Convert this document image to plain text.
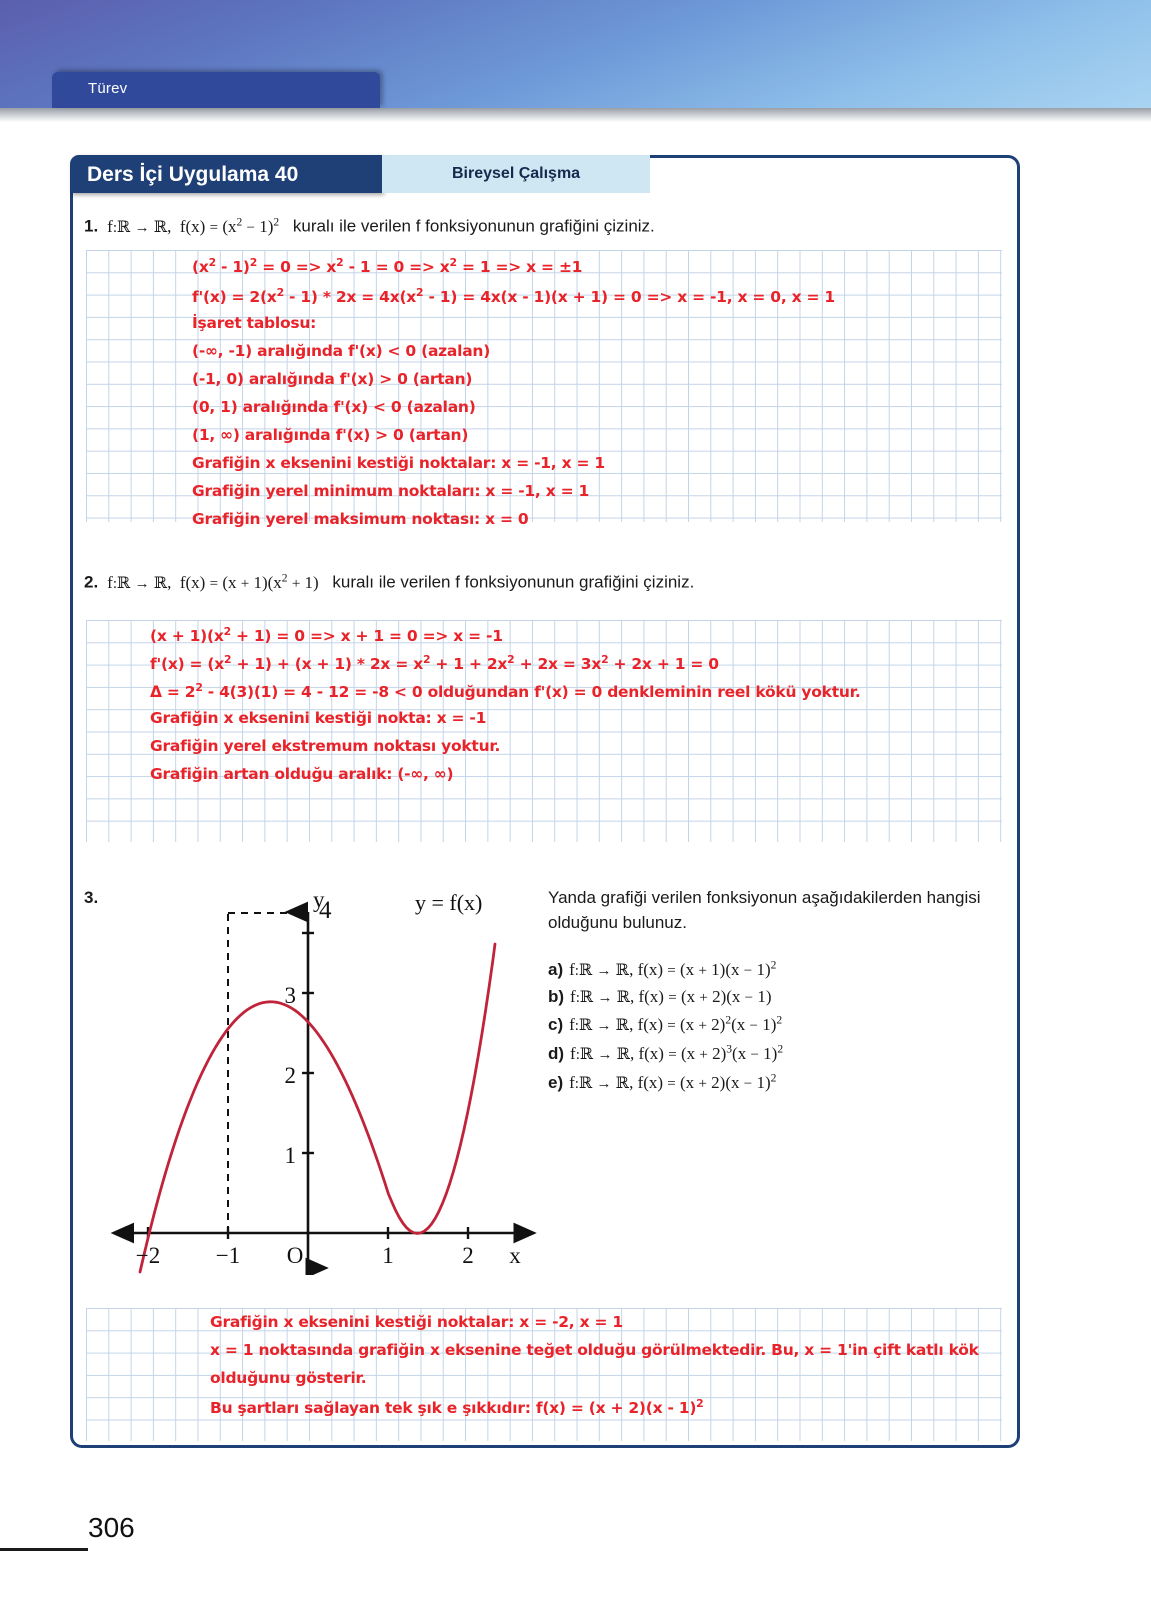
Türev
Ders İçi Uygulama 40	Bireysel Çalışma
1.  f:ℝ → ℝ,  $f(x) = (x^2 - 1)^2$   kuralı ile verilen f fonksiyonunun grafiğini çiziniz.
$(x^2 - 1)^2 = 0 => x^2 - 1 = 0 => x^2 = 1 => x = \pm 1$
$f'(x) = 2(x^2 - 1) * 2x = 4x(x^2 - 1) = 4x(x - 1)(x + 1) = 0 => x = -1$, x = 0, x = 1
İşaret tablosu:
(-∞, -1) aralığında f'(x) < 0 (azalan)
(-1, 0) aralığında f'(x) > 0 (artan)
(0, 1) aralığında f'(x) < 0 (azalan)
(1, ∞) aralığında f'(x) > 0 (artan)
Grafiğin x eksenini kestiği noktalar: x = -1, x = 1
Grafiğin yerel minimum noktaları: x = -1, x = 1
Grafiğin yerel maksimum noktası: x = 0
2.  f:ℝ → ℝ,  $f(x) = (x + 1)(x^2 + 1)$   kuralı ile verilen f fonksiyonunun grafiğini çiziniz.
$(x + 1)(x^2 + 1) = 0 => x + 1 = 0 => x = -1$
$f'(x) = (x^2 + 1) + (x + 1) * 2x = x^2 + 1 + 2x^2 + 2x = 3x^2 + 2x + 1 = 0$
$\Delta = 2^2 - 4(3)(1) = 4 - 12 = -8 < 0$ olduğundan f'(x) = 0 denkleminin reel kökü yoktur.
Grafiğin x eksenini kestiği nokta: x = -1
Grafiğin yerel ekstremum noktası yoktur.
Grafiğin artan olduğu aralık: (-∞, ∞)
3.	4
3
2
1
y
−2 −1 O	1	2 x
y = f(x)	Yanda grafiği verilen fonksiyonun aşağıdakilerden hangisi olduğunu bulunuz.
a) f:ℝ → ℝ, $f(x) = (x + 1)(x - 1)^2$
b) f:ℝ → ℝ, f(x) = (x + 2)(x − 1)
c) f:ℝ → ℝ, $f(x) = (x + 2)^2(x - 1)^2$
d) f:ℝ → ℝ, $f(x) = (x + 2)^3(x - 1)^2$
e) f:ℝ → ℝ, $f(x) = (x + 2)(x - 1)^2$
Grafiğin x eksenini kestiği noktalar: x = -2, x = 1
x = 1 noktasında grafiğin x eksenine teğet olduğu görülmektedir. Bu, x = 1'in çift katlı kök
olduğunu gösterir.
Bu şartları sağlayan tek şık e şıkkıdır: f(x) = (x + 2)(x - 1)$^2$
306
